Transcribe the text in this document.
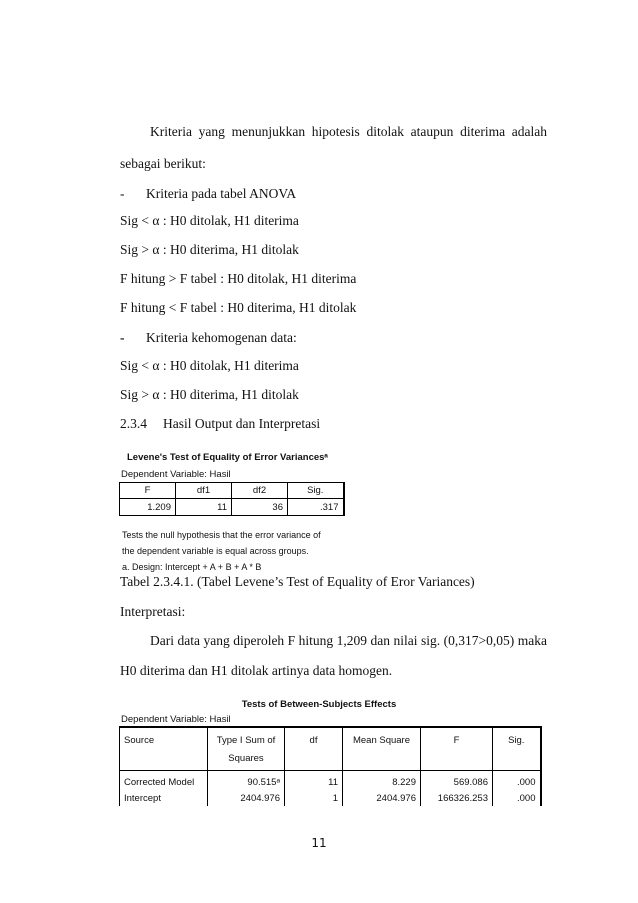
Kriteria yang menunjukkan hipotesis ditolak ataupun diterima adalah
sebagai berikut:
- Kriteria pada tabel ANOVA
Sig < α : H0 ditolak, H1 diterima
Sig > α : H0 diterima, H1 ditolak
F hitung > F tabel : H0 ditolak, H1 diterima
F hitung < F tabel : H0 diterima, H1 ditolak
- Kriteria kehomogenan data:
Sig < α : H0 ditolak, H1 diterima
Sig > α : H0 diterima, H1 ditolak
2.3.4 Hasil Output dan Interpretasi
Levene's Test of Equality of Error Variancesᵃ
Dependent Variable: Hasil
F	df1	df2	Sig.
1.209	11	36	.317
Tests the null hypothesis that the error variance of
the dependent variable is equal across groups.
a. Design: Intercept + A + B + A * B
Tabel 2.3.4.1. (Tabel Levene’s Test of Equality of Eror Variances)
Interpretasi:
Dari data yang diperoleh F hitung 1,209 dan nilai sig. (0,317>0,05) maka
H0 diterima dan H1 ditolak artinya data homogen.
Tests of Between-Subjects Effects
Dependent Variable: Hasil
Source	Type I Sum of Squares	df	Mean Square	F	Sig.
Corrected Model	90.515ᵃ	11	8.229	569.086	.000
Intercept	2404.976	1	2404.976	166326.253	.000
11
